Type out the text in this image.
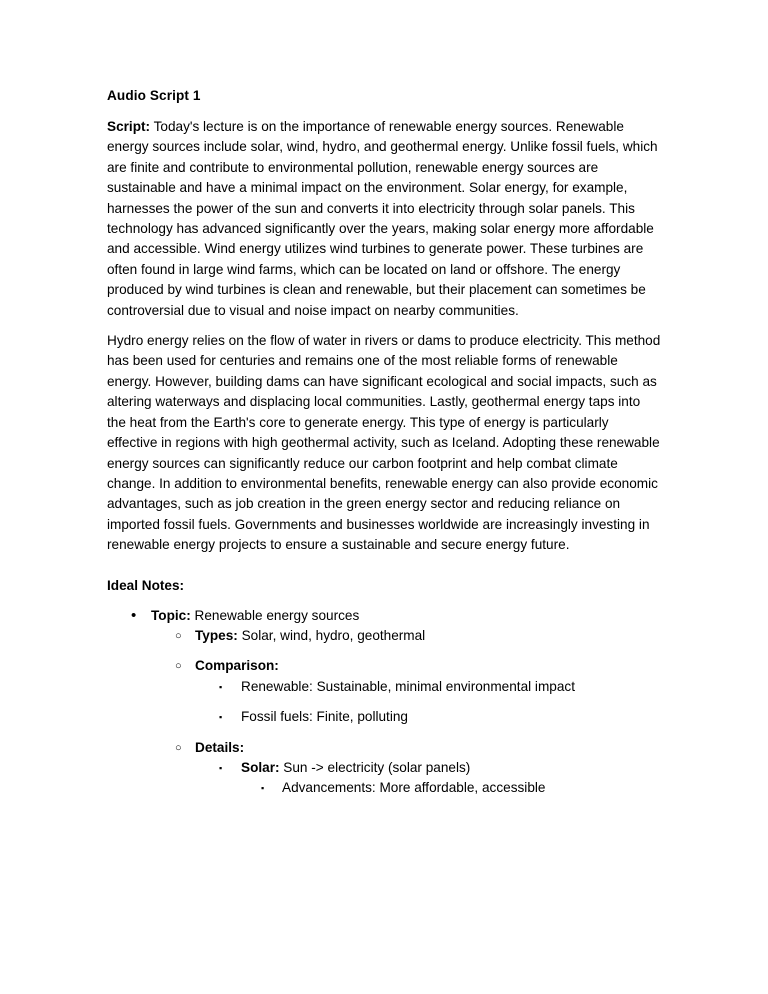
Audio Script 1

Script: Today's lecture is on the importance of renewable energy sources. Renewable energy sources include solar, wind, hydro, and geothermal energy. Unlike fossil fuels, which are finite and contribute to environmental pollution, renewable energy sources are sustainable and have a minimal impact on the environment. Solar energy, for example, harnesses the power of the sun and converts it into electricity through solar panels. This technology has advanced significantly over the years, making solar energy more affordable and accessible. Wind energy utilizes wind turbines to generate power. These turbines are often found in large wind farms, which can be located on land or offshore. The energy produced by wind turbines is clean and renewable, but their placement can sometimes be controversial due to visual and noise impact on nearby communities.

Hydro energy relies on the flow of water in rivers or dams to produce electricity. This method has been used for centuries and remains one of the most reliable forms of renewable energy. However, building dams can have significant ecological and social impacts, such as altering waterways and displacing local communities. Lastly, geothermal energy taps into the heat from the Earth's core to generate energy. This type of energy is particularly effective in regions with high geothermal activity, such as Iceland. Adopting these renewable energy sources can significantly reduce our carbon footprint and help combat climate change. In addition to environmental benefits, renewable energy can also provide economic advantages, such as job creation in the green energy sector and reducing reliance on imported fossil fuels. Governments and businesses worldwide are increasingly investing in renewable energy projects to ensure a sustainable and secure energy future.

Ideal Notes:
•	Topic: Renewable energy sources
○ Types: Solar, wind, hydro, geothermal
○ Comparison:
▪	Renewable: Sustainable, minimal environmental impact
▪	Fossil fuels: Finite, polluting
○ Details:
▪	Solar: Sun -> electricity (solar panels)
▪	Advancements: More affordable, accessible
